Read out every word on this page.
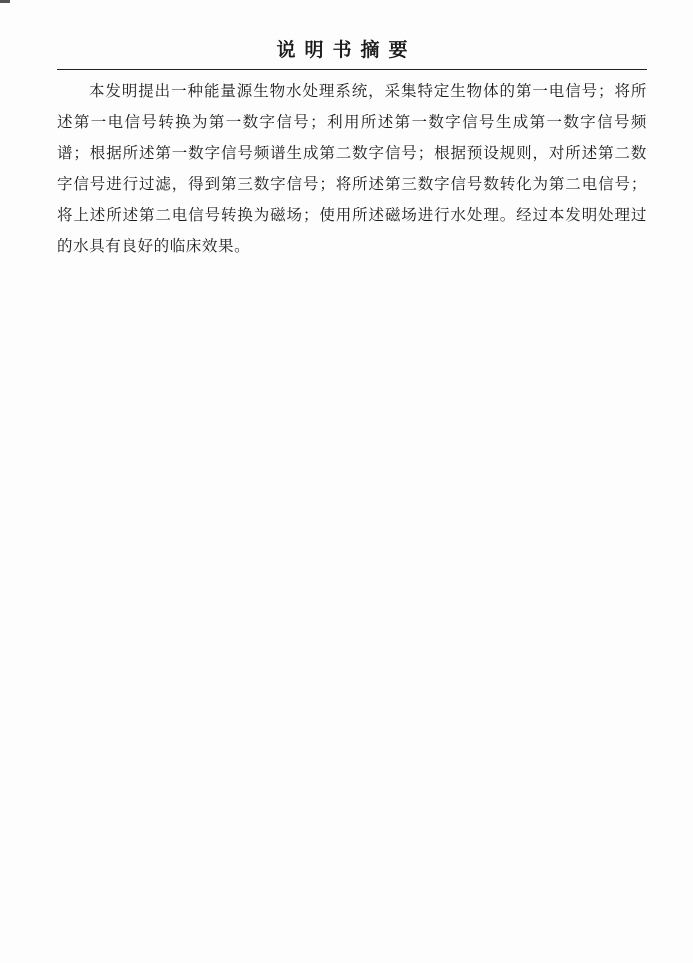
说明书摘要

本发明提出一种能量源生物水处理系统，采集特定生物体的第一电信号；将所述第一电信号转换为第一数字信号；利用所述第一数字信号生成第一数字信号频谱；根据所述第一数字信号频谱生成第二数字信号；根据预设规则，对所述第二数字信号进行过滤，得到第三数字信号；将所述第三数字信号数转化为第二电信号；将上述所述第二电信号转换为磁场；使用所述磁场进行水处理。经过本发明处理过的水具有良好的临床效果。
